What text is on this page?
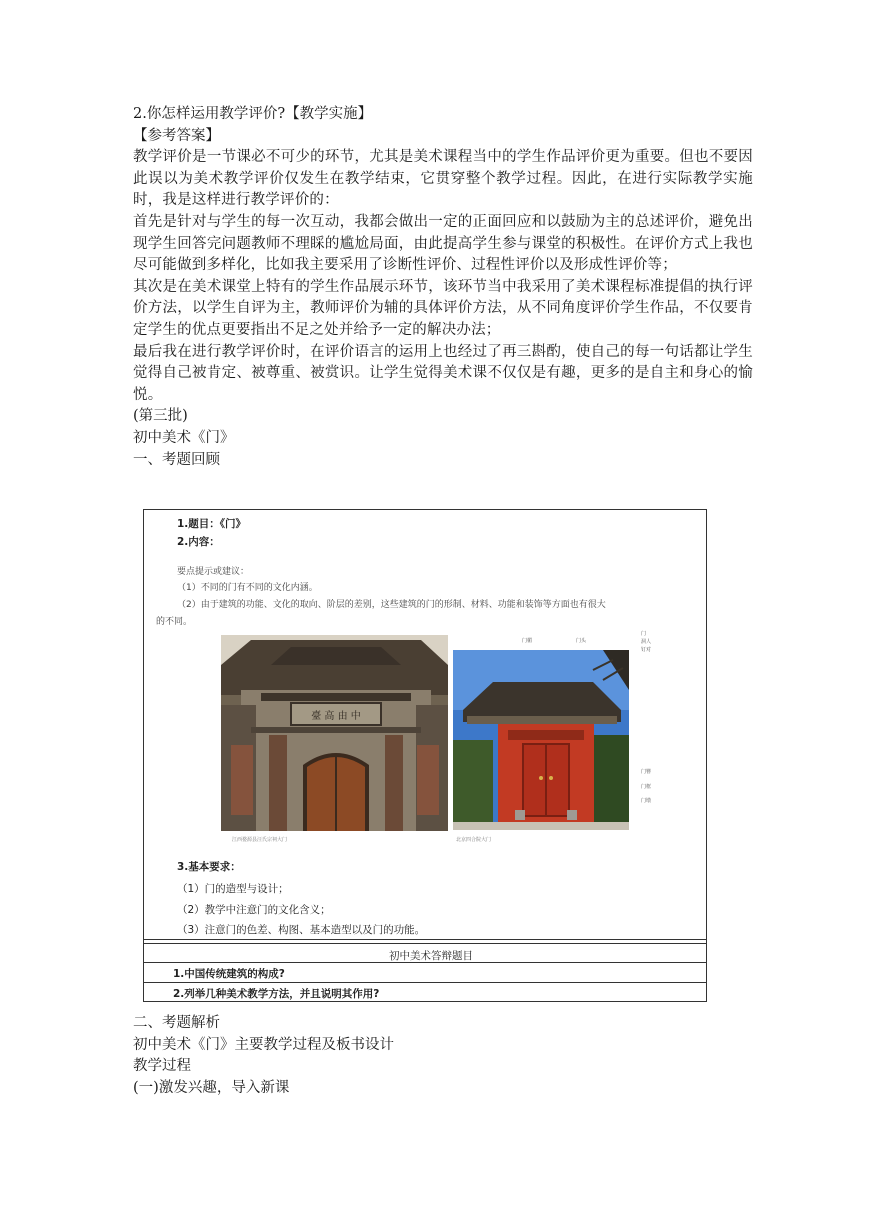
2.你怎样运用教学评价?【教学实施】
【参考答案】

教学评价是一节课必不可少的环节，尤其是美术课程当中的学生作品评价更为重要。但也不要因此误以为美术教学评价仅发生在教学结束，它贯穿整个教学过程。因此，在进行实际教学实施时，我是这样进行教学评价的：

首先是针对与学生的每一次互动，我都会做出一定的正面回应和以鼓励为主的总述评价，避免出现学生回答完问题教师不理睬的尴尬局面，由此提高学生参与课堂的积极性。在评价方式上我也尽可能做到多样化，比如我主要采用了诊断性评价、过程性评价以及形成性评价等；

其次是在美术课堂上特有的学生作品展示环节，该环节当中我采用了美术课程标准提倡的执行评价方法，以学生自评为主，教师评价为辅的具体评价方法，从不同角度评价学生作品，不仅要肯定学生的优点更要指出不足之处并给予一定的解决办法；

最后我在进行教学评价时，在评价语言的运用上也经过了再三斟酌，使自己的每一句话都让学生觉得自己被肯定、被尊重、被赏识。让学生觉得美术课不仅仅是有趣，更多的是自主和身心的愉悦。

(第三批)
初中美术《门》
一、考题回顾
1.题目：《门》
2.内容：
要点提示或建议：
（1）不同的门有不同的文化内涵。
（2）由于建筑的功能、文化的取向、阶层的差别，这些建筑的门的形制、材料、功能和装饰等方面也有很大
的不同。
臺 高 由 中
江西婺源县汪氏宗祠大门
门楣	门头
门
洞人
钉对
门簪
门框
门墩
北京四合院大门
3.基本要求：
（1）门的造型与设计；
（2）教学中注意门的文化含义；
（3）注意门的色差、构图、基本造型以及门的功能。
初中美术答辩题目
1.中国传统建筑的构成?
2.列举几种美术教学方法，并且说明其作用?
二、考题解析
初中美术《门》主要教学过程及板书设计
教学过程
(一)激发兴趣，导入新课
